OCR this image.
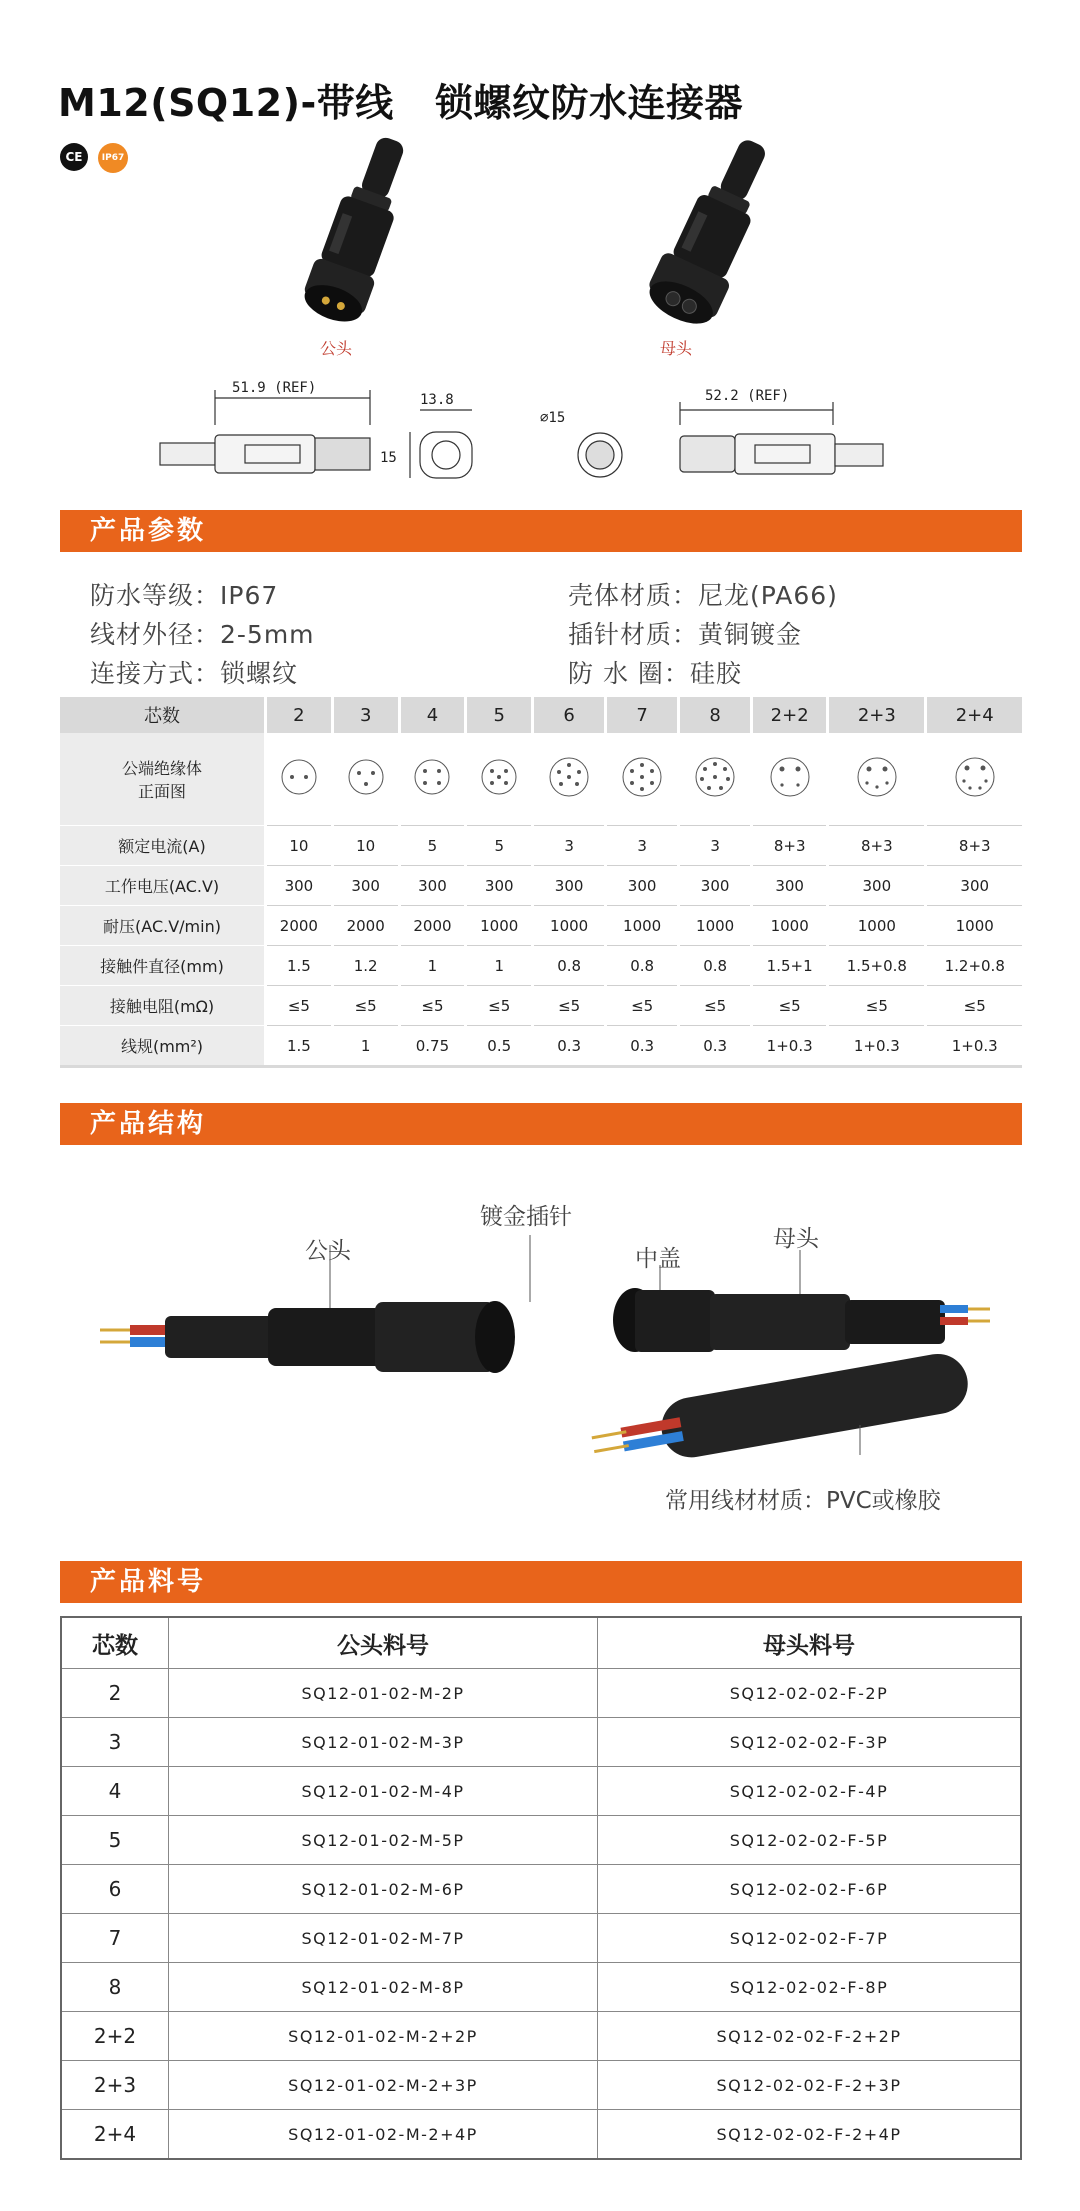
M12(SQ12)-带线   锁螺纹防水连接器
CE	IP67
公头	母头
51.9 (REF)
13.8
15
⌀15
52.2 (REF)
产品参数
防水等级：IP67
线材外径：2-5mm
连接方式：锁螺纹
壳体材质：尼龙(PA66)
插针材质：黄铜镀金
防 水 圈：硅胶
芯数	2	3	4	5	6	7	8	2+2	2+3	2+4
公端绝缘体
正面图										
额定电流(A)	10	10	5	5	3	3	3	8+3	8+3	8+3
工作电压(AC.V)	300	300	300	300	300	300	300	300	300	300
耐压(AC.V/min)	2000	2000	2000	1000	1000	1000	1000	1000	1000	1000
接触件直径(mm)	1.5	1.2	1	1	0.8	0.8	0.8	1.5+1	1.5+0.8	1.2+0.8
接触电阻(mΩ)	≤5	≤5	≤5	≤5	≤5	≤5	≤5	≤5	≤5	≤5
线规(mm²)	1.5	1	0.75	0.5	0.3	0.3	0.3	1+0.3	1+0.3	1+0.3
产品结构
公头
镀金插针
中盖
母头
常用线材材质：PVC或橡胶
产品料号
芯数	公头料号	母头料号
2	SQ12-01-02-M-2P	SQ12-02-02-F-2P
3	SQ12-01-02-M-3P	SQ12-02-02-F-3P
4	SQ12-01-02-M-4P	SQ12-02-02-F-4P
5	SQ12-01-02-M-5P	SQ12-02-02-F-5P
6	SQ12-01-02-M-6P	SQ12-02-02-F-6P
7	SQ12-01-02-M-7P	SQ12-02-02-F-7P
8	SQ12-01-02-M-8P	SQ12-02-02-F-8P
2+2	SQ12-01-02-M-2+2P	SQ12-02-02-F-2+2P
2+3	SQ12-01-02-M-2+3P	SQ12-02-02-F-2+3P
2+4	SQ12-01-02-M-2+4P	SQ12-02-02-F-2+4P
